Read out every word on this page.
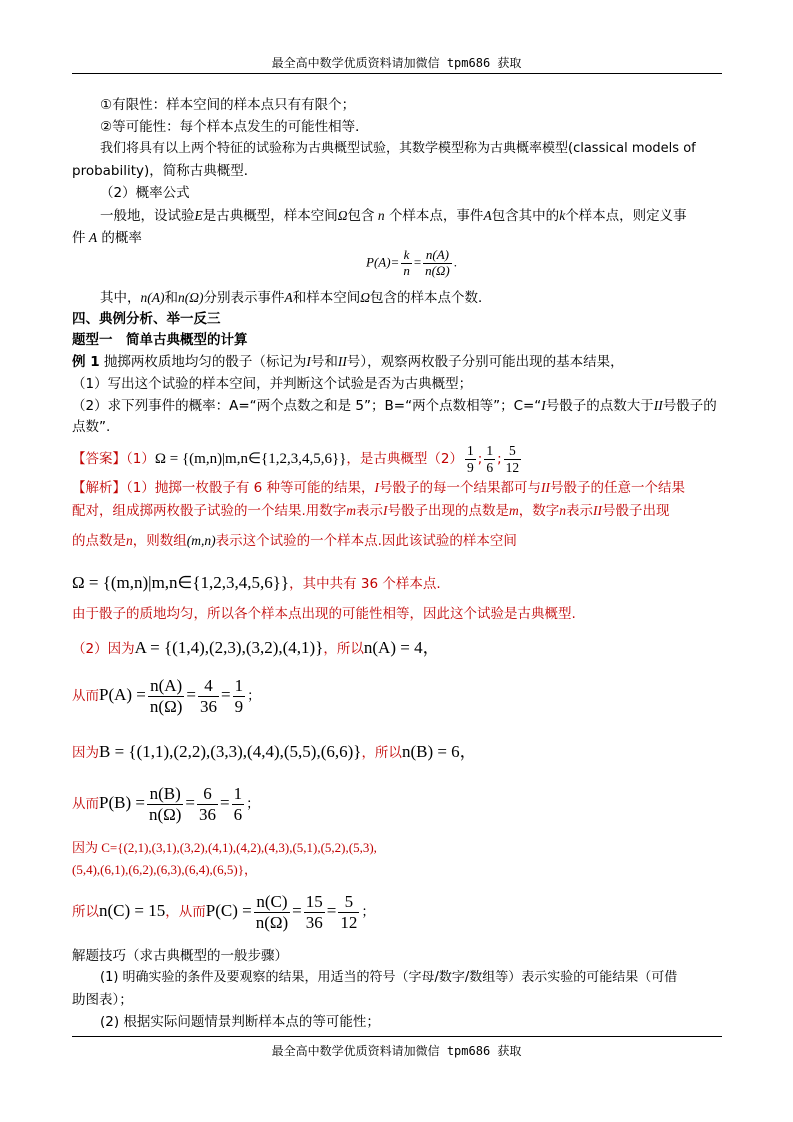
最全高中数学优质资料请加微信 tpm686 获取
①有限性：样本空间的样本点只有有限个；
②等可能性：每个样本点发生的可能性相等．
我们将具有以上两个特征的试验称为古典概型试验，其数学模型称为古典概率模型(classical models of
probability)，简称古典概型．
（2）概率公式
一般地，设试验E是古典概型，样本空间Ω包含 n 个样本点，事件A包含其中的k个样本点，则定义事
件 A 的概率
$P(A)= \frac{k}{n} = \frac{n(A)}{n(\Omega)}$ .
其中，n(A)和n(Ω)分别表示事件A和样本空间Ω包含的样本点个数．
四、典例分析、举一反三
题型一　简单古典概型的计算
例 1 抛掷两枚质地均匀的骰子（标记为I号和II号），观察两枚骰子分别可能出现的基本结果，
（1）写出这个试验的样本空间，并判断这个试验是否为古典概型；
（2）求下列事件的概率：A=“两个点数之和是 5”；B=“两个点数相等”；C=“I号骰子的点数大于II号骰子的
点数”.
【答案】（1）Ω = {(m,n)|m,n∈{1,2,3,4,5,6}}，是古典概型$(2) \frac{1}{9}$ ; $\frac{1}{6}$ ; $\frac{5}{12}$
【解析】（1）抛掷一枚骰子有 6 种等可能的结果，I号骰子的每一个结果都可与II号骰子的任意一个结果
配对，组成掷两枚骰子试验的一个结果.用数字m表示I号骰子出现的点数是m，数字n表示II号骰子出现
的点数是n，则数组(m,n)表示这个试验的一个样本点.因此该试验的样本空间
Ω = {(m,n)|m,n∈{1,2,3,4,5,6}}，其中共有 36 个样本点.
由于骰子的质地均匀，所以各个样本点出现的可能性相等，因此这个试验是古典概型.
（2）因为A = {(1,4),(2,3),(3,2),(4,1)}，所以n(A) = 4，
从而$P(A) = \frac{n(A)}{n(\Omega)} = \frac{4}{36} = \frac{1}{9}$ ；
因为B = {(1,1),(2,2),(3,3),(4,4),(5,5),(6,6)}，所以n(B) = 6，
从而$P(B) = \frac{n(B)}{n(\Omega)} = \frac{6}{36} = \frac{1}{6}$ ；
因为 C={(2,1),(3,1),(3,2),(4,1),(4,2),(4,3),(5,1),(5,2),(5,3),
(5,4),(6,1),(6,2),(6,3),(6,4),(6,5)}，
所以n(C) = 15，从而$P(C) = \frac{n(C)}{n(\Omega)} = \frac{15}{36} = \frac{5}{12}$ ；
解题技巧（求古典概型的一般步骤）
(1) 明确实验的条件及要观察的结果，用适当的符号（字母/数字/数组等）表示实验的可能结果（可借
助图表）；
(2) 根据实际问题情景判断样本点的等可能性；
最全高中数学优质资料请加微信 tpm686 获取
